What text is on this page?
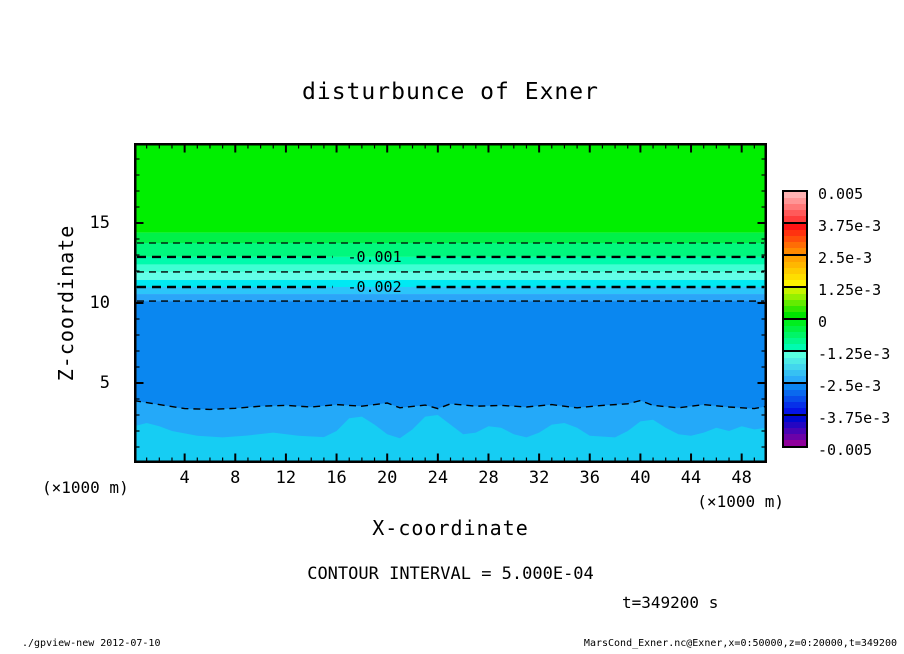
disturbunce of Exner
Z-coordinate	-0.001
-0.002
5
10
15
4	8	12	16	20	24	28	32	36	40	44	48
(×1000 m)
(×1000 m)
X-coordinate
0.005
3.75e-3
2.5e-3
1.25e-3
0
-1.25e-3
-2.5e-3
-3.75e-3
-0.005
CONTOUR INTERVAL = 5.000E-04
t=349200 s
./gpview-new 2012-07-10	MarsCond_Exner.nc@Exner,x=0:50000,z=0:20000,t=349200
